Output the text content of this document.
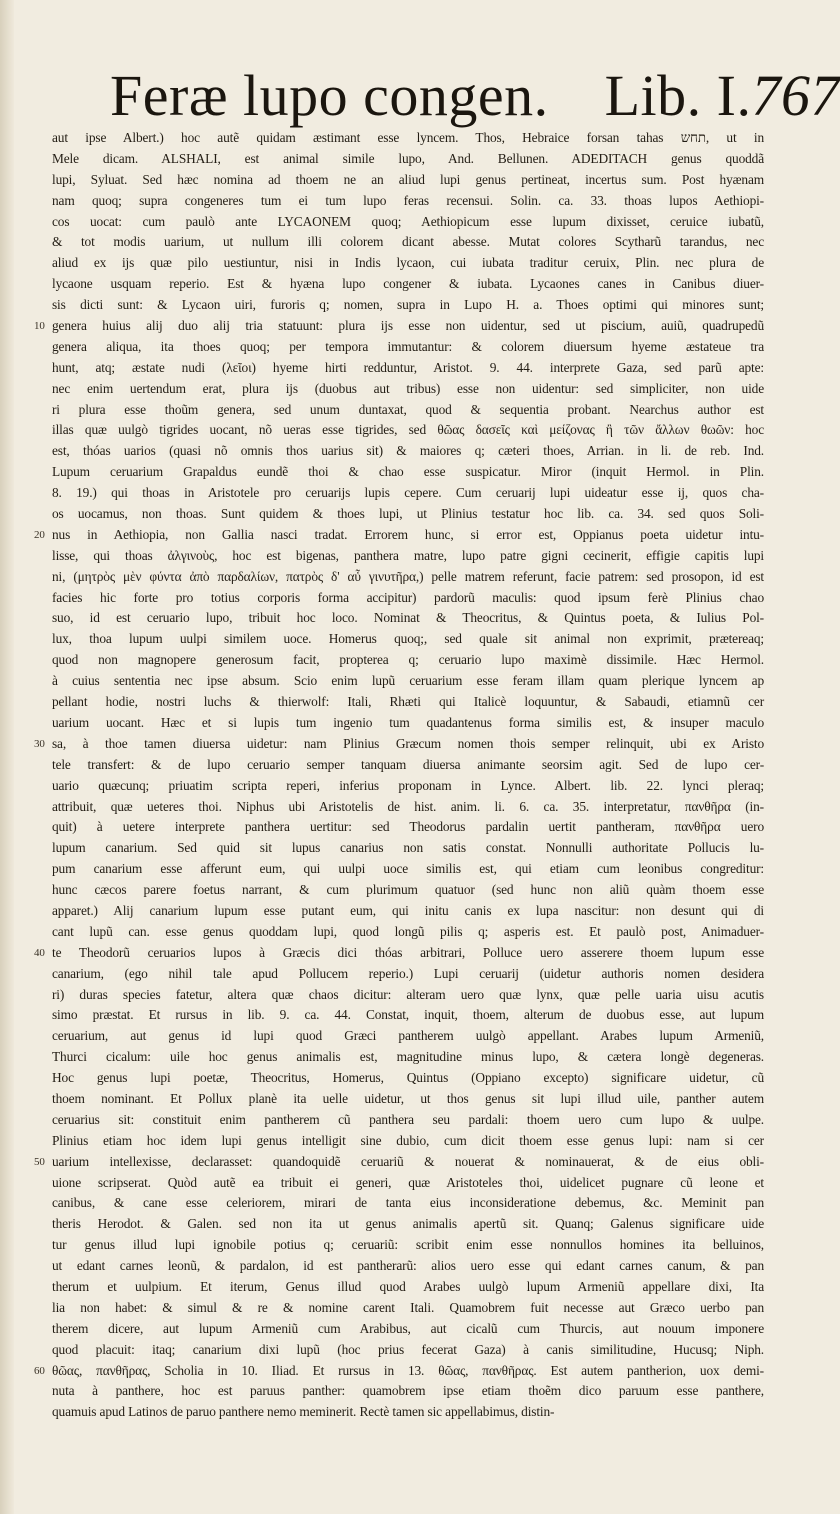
Feræ lupo congen. Lib. I. 767
aut ipse Albert.) hoc autẽ quidam æstimant esse lyncem. Thos, Hebraice forsan tahas תחש, ut in
Mele dicam. ALSHALI, est animal simile lupo, And. Bellunen. ADEDITACH genus quoddã
lupi, Syluat. Sed hæc nomina ad thoem ne an aliud lupi genus pertineat, incertus sum. Post hyænam
nam quoq; supra congeneres tum ei tum lupo feras recensui. Solin. ca. 33. thoas lupos Aethiopi-
cos uocat: cum paulò ante LYCAONEM quoq; Aethiopicum esse lupum dixisset, ceruice iubatũ,
& tot modis uarium, ut nullum illi colorem dicant abesse. Mutat colores Scytharũ tarandus, nec
aliud ex ijs quæ pilo uestiuntur, nisi in Indis lycaon, cui iubata traditur ceruix, Plin. nec plura de
lycaone usquam reperio. Est & hyæna lupo congener & iubata. Lycaones canes in Canibus diuer-
sis dicti sunt: & Lycaon uiri, furoris q; nomen, supra in Lupo H. a. Thoes optimi qui minores sunt;
10 genera huius alij duo alij tria statuunt: plura ijs esse non uidentur, sed ut piscium, auiũ, quadrupedũ
genera aliqua, ita thoes quoq; per tempora immutantur: & colorem diuersum hyeme æstateue tra
hunt, atq; æstate nudi (λεῖοι) hyeme hirti redduntur, Aristot. 9. 44. interprete Gaza, sed parũ apte:
nec enim uertendum erat, plura ijs (duobus aut tribus) esse non uidentur: sed simpliciter, non uide
ri plura esse thoũm genera, sed unum duntaxat, quod & sequentia probant. Nearchus author est
illas quæ uulgò tigrides uocant, nõ ueras esse tigrides, sed θῶας δασεῖς καὶ μείζονας ἢ τῶν ἄλλων θωῶν: hoc
est, thóas uarios (quasi nõ omnis thos uarius sit) & maiores q; cæteri thoes, Arrian. in li. de reb. Ind.
Lupum ceruarium Grapaldus eundẽ thoi & chao esse suspicatur. Miror (inquit Hermol. in Plin.
8. 19.) qui thoas in Aristotele pro ceruarijs lupis cepere. Cum ceruarij lupi uideatur esse ij, quos cha-
os uocamus, non thoas. Sunt quidem & thoes lupi, ut Plinius testatur hoc lib. ca. 34. sed quos Soli-
20 nus in Aethiopia, non Gallia nasci tradat. Errorem hunc, si error est, Oppianus poeta uidetur intu-
lisse, qui thoas ἀλγινοὺς, hoc est bigenas, panthera matre, lupo patre gigni cecinerit, effigie capitis lupi
ni, (μητρὸς μὲν φύντα ἀπὸ παρδαλίων, πατρὸς δ' αὖ γινυτῆρα,) pelle matrem referunt, facie patrem: sed prosopon, id est
facies hic forte pro totius corporis forma accipitur) pardorũ maculis: quod ipsum ferè Plinius chao
suo, id est ceruario lupo, tribuit hoc loco. Nominat & Theocritus, & Quintus poeta, & Iulius Pol-
lux, thoa lupum uulpi similem uoce. Homerus quoq;, sed quale sit animal non exprimit, prætereaq;
quod non magnopere generosum facit, propterea q; ceruario lupo maximè dissimile. Hæc Hermol.
à cuius sententia nec ipse absum. Scio enim lupũ ceruarium esse feram illam quam plerique lyncem ap
pellant hodie, nostri luchs & thierwolf: Itali, Rhæti qui Italicè loquuntur, & Sabaudi, etiamnũ cer
uarium uocant. Hæc et si lupis tum ingenio tum quadantenus forma similis est, & insuper maculo
30 sa, à thoe tamen diuersa uidetur: nam Plinius Græcum nomen thois semper relinquit, ubi ex Aristo
tele transfert: & de lupo ceruario semper tanquam diuersa animante seorsim agit. Sed de lupo cer-
uario quæcunq; priuatim scripta reperi, inferius proponam in Lynce. Albert. lib. 22. lynci pleraq;
attribuit, quæ ueteres thoi. Niphus ubi Aristotelis de hist. anim. li. 6. ca. 35. interpretatur, πανθῆρα (in-
quit) à uetere interprete panthera uertitur: sed Theodorus pardalin uertit pantheram, πανθῆρα uero
lupum canarium. Sed quid sit lupus canarius non satis constat. Nonnulli authoritate Pollucis lu-
pum canarium esse afferunt eum, qui uulpi uoce similis est, qui etiam cum leonibus congreditur:
hunc cæcos parere foetus narrant, & cum plurimum quatuor (sed hunc non aliũ quàm thoem esse
apparet.) Alij canarium lupum esse putant eum, qui initu canis ex lupa nascitur: non desunt qui di
cant lupũ can. esse genus quoddam lupi, quod longũ pilis q; asperis est. Et paulò post, Animaduer-
40 te Theodorũ ceruarios lupos à Græcis dici thóas arbitrari, Polluce uero asserere thoem lupum esse
canarium, (ego nihil tale apud Pollucem reperio.) Lupi ceruarij (uidetur authoris nomen desidera
ri) duras species fatetur, altera quæ chaos dicitur: alteram uero quæ lynx, quæ pelle uaria uisu acutis
simo præstat. Et rursus in lib. 9. ca. 44. Constat, inquit, thoem, alterum de duobus esse, aut lupum
ceruarium, aut genus id lupi quod Græci pantherem uulgò appellant. Arabes lupum Armeniũ,
Thurci cicalum: uile hoc genus animalis est, magnitudine minus lupo, & cætera longè degeneras.
Hoc genus lupi poetæ, Theocritus, Homerus, Quintus (Oppiano excepto) significare uidetur, cũ
thoem nominant. Et Pollux planè ita uelle uidetur, ut thos genus sit lupi illud uile, panther autem
ceruarius sit: constituit enim pantherem cũ panthera seu pardali: thoem uero cum lupo & uulpe.
Plinius etiam hoc idem lupi genus intelligit sine dubio, cum dicit thoem esse genus lupi: nam si cer
50 uarium intellexisse, declarasset: quandoquidẽ ceruariũ & nouerat & nominauerat, & de eius obli-
uione scripserat. Quòd autẽ ea tribuit ei generi, quæ Aristoteles thoi, uidelicet pugnare cũ leone et
canibus, & cane esse celeriorem, mirari de tanta eius inconsideratione debemus, &c. Meminit pan
theris Herodot. & Galen. sed non ita ut genus animalis apertũ sit. Quanq; Galenus significare uide
tur genus illud lupi ignobile potius q; ceruariũ: scribit enim esse nonnullos homines ita belluinos,
ut edant carnes leonũ, & pardalon, id est pantherarũ: alios uero esse qui edant carnes canum, & pan
therum et uulpium. Et iterum, Genus illud quod Arabes uulgò lupum Armeniũ appellare dixi, Ita
lia non habet: & simul & re & nomine carent Itali. Quamobrem fuit necesse aut Græco uerbo pan
therem dicere, aut lupum Armeniũ cum Arabibus, aut cicalũ cum Thurcis, aut nouum imponere
quod placuit: itaq; canarium dixi lupũ (hoc prius fecerat Gaza) à canis similitudine, Hucusq; Niph.
60 θῶας, πανθῆρας, Scholia in 10. Iliad. Et rursus in 13. θῶας, πανθῆρας. Est autem pantherion, uox demi-
nuta à panthere, hoc est paruus panther: quamobrem ipse etiam thoẽm dico paruum esse panthere,
quamuis apud Latinos de paruo panthere nemo meminerit. Rectè tamen sic appellabimus, distin-
